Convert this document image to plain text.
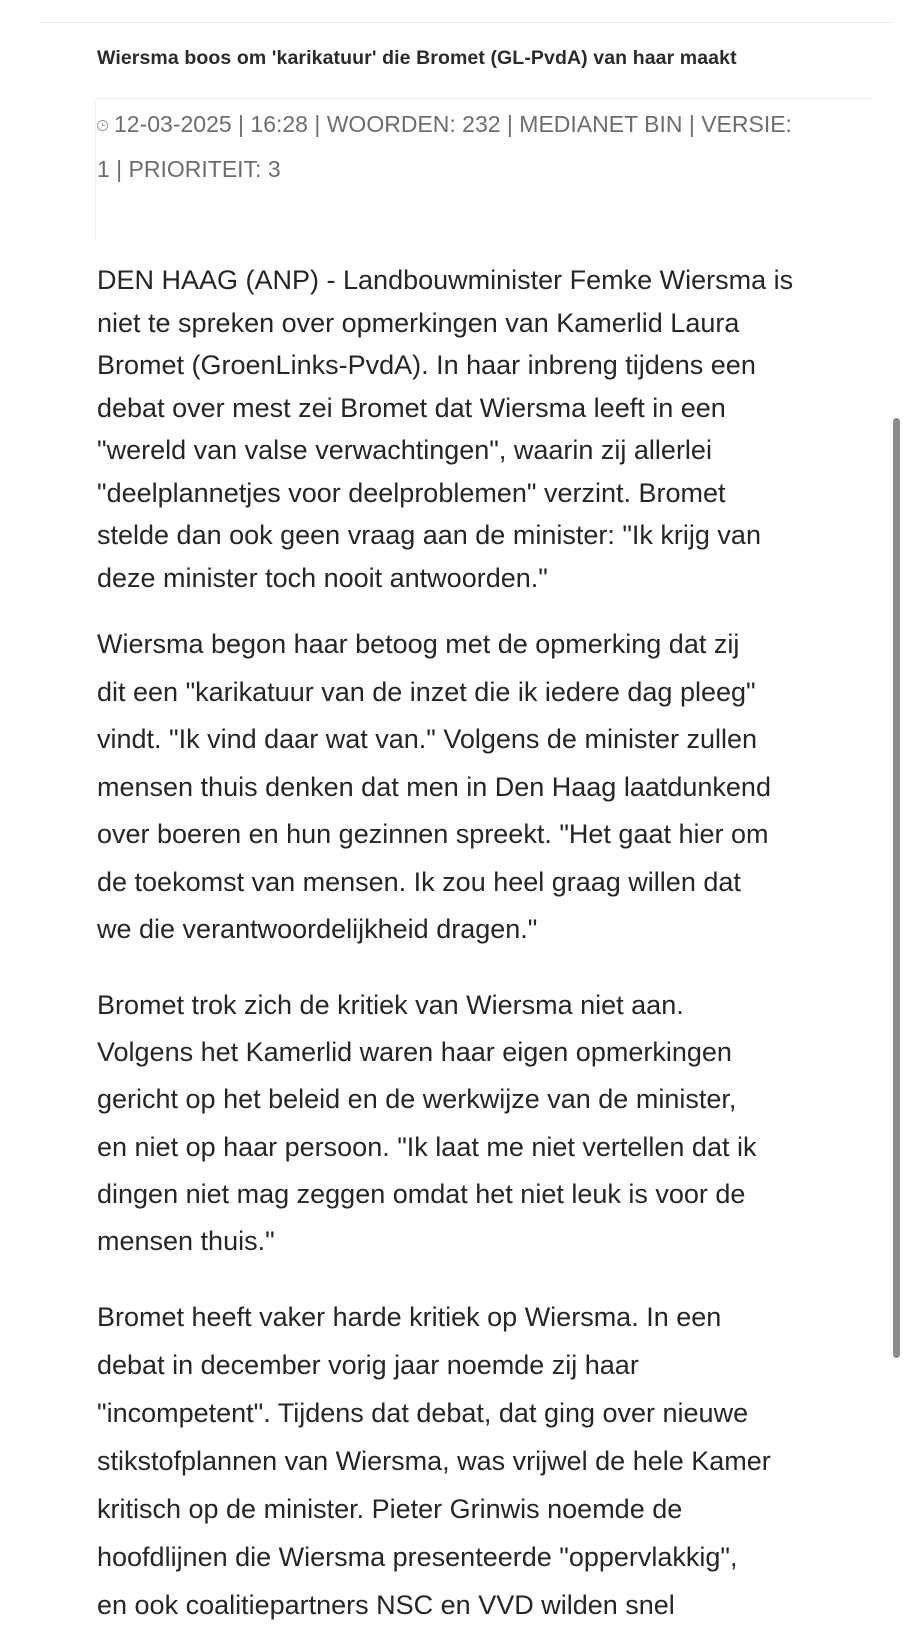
Wiersma boos om 'karikatuur' die Bromet (GL-PvdA) van haar maakt
12-03-2025 | 16:28 | WOORDEN: 232 | MEDIANET BIN | VERSIE:
1 | PRIORITEIT: 3
DEN HAAG (ANP) - Landbouwminister Femke Wiersma is
niet te spreken over opmerkingen van Kamerlid Laura
Bromet (GroenLinks-PvdA). In haar inbreng tijdens een
debat over mest zei Bromet dat Wiersma leeft in een
"wereld van valse verwachtingen", waarin zij allerlei
"deelplannetjes voor deelproblemen" verzint. Bromet
stelde dan ook geen vraag aan de minister: "Ik krijg van
deze minister toch nooit antwoorden."
Wiersma begon haar betoog met de opmerking dat zij
dit een "karikatuur van de inzet die ik iedere dag pleeg"
vindt. "Ik vind daar wat van." Volgens de minister zullen
mensen thuis denken dat men in Den Haag laatdunkend
over boeren en hun gezinnen spreekt. "Het gaat hier om
de toekomst van mensen. Ik zou heel graag willen dat
we die verantwoordelijkheid dragen."
Bromet trok zich de kritiek van Wiersma niet aan.
Volgens het Kamerlid waren haar eigen opmerkingen
gericht op het beleid en de werkwijze van de minister,
en niet op haar persoon. "Ik laat me niet vertellen dat ik
dingen niet mag zeggen omdat het niet leuk is voor de
mensen thuis."
Bromet heeft vaker harde kritiek op Wiersma. In een
debat in december vorig jaar noemde zij haar
"incompetent". Tijdens dat debat, dat ging over nieuwe
stikstofplannen van Wiersma, was vrijwel de hele Kamer
kritisch op de minister. Pieter Grinwis noemde de
hoofdlijnen die Wiersma presenteerde "oppervlakkig",
en ook coalitiepartners NSC en VVD wilden snel
